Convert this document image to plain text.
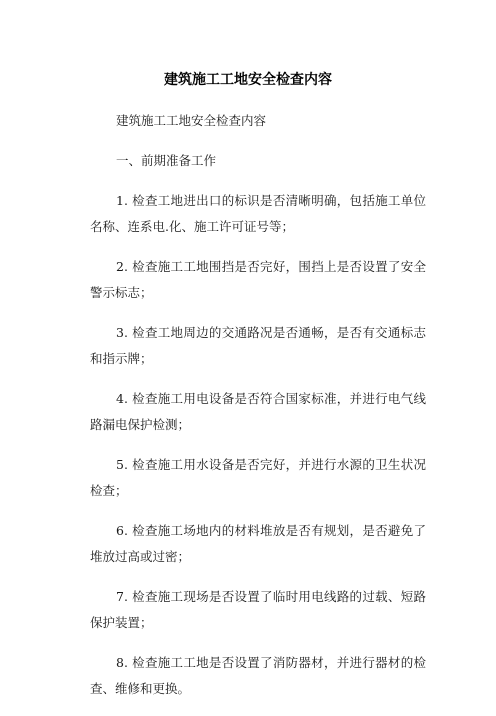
建筑施工工地安全检查内容

建筑施工工地安全检查内容

一、前期准备工作

1. 检查工地进出口的标识是否清晰明确，包括施工单位名称、连系电.化、施工许可证号等；

2. 检查施工工地围挡是否完好，围挡上是否设置了安全警示标志；

3. 检查工地周边的交通路况是否通畅，是否有交通标志和指示牌；

4. 检查施工用电设备是否符合国家标准，并进行电气线路漏电保护检测；

5. 检查施工用水设备是否完好，并进行水源的卫生状况检查；

6. 检查施工场地内的材料堆放是否有规划，是否避免了堆放过高或过密；

7. 检查施工现场是否设置了临时用电线路的过载、短路保护装置；

8. 检查施工工地是否设置了消防器材，并进行器材的检查、维修和更换。
